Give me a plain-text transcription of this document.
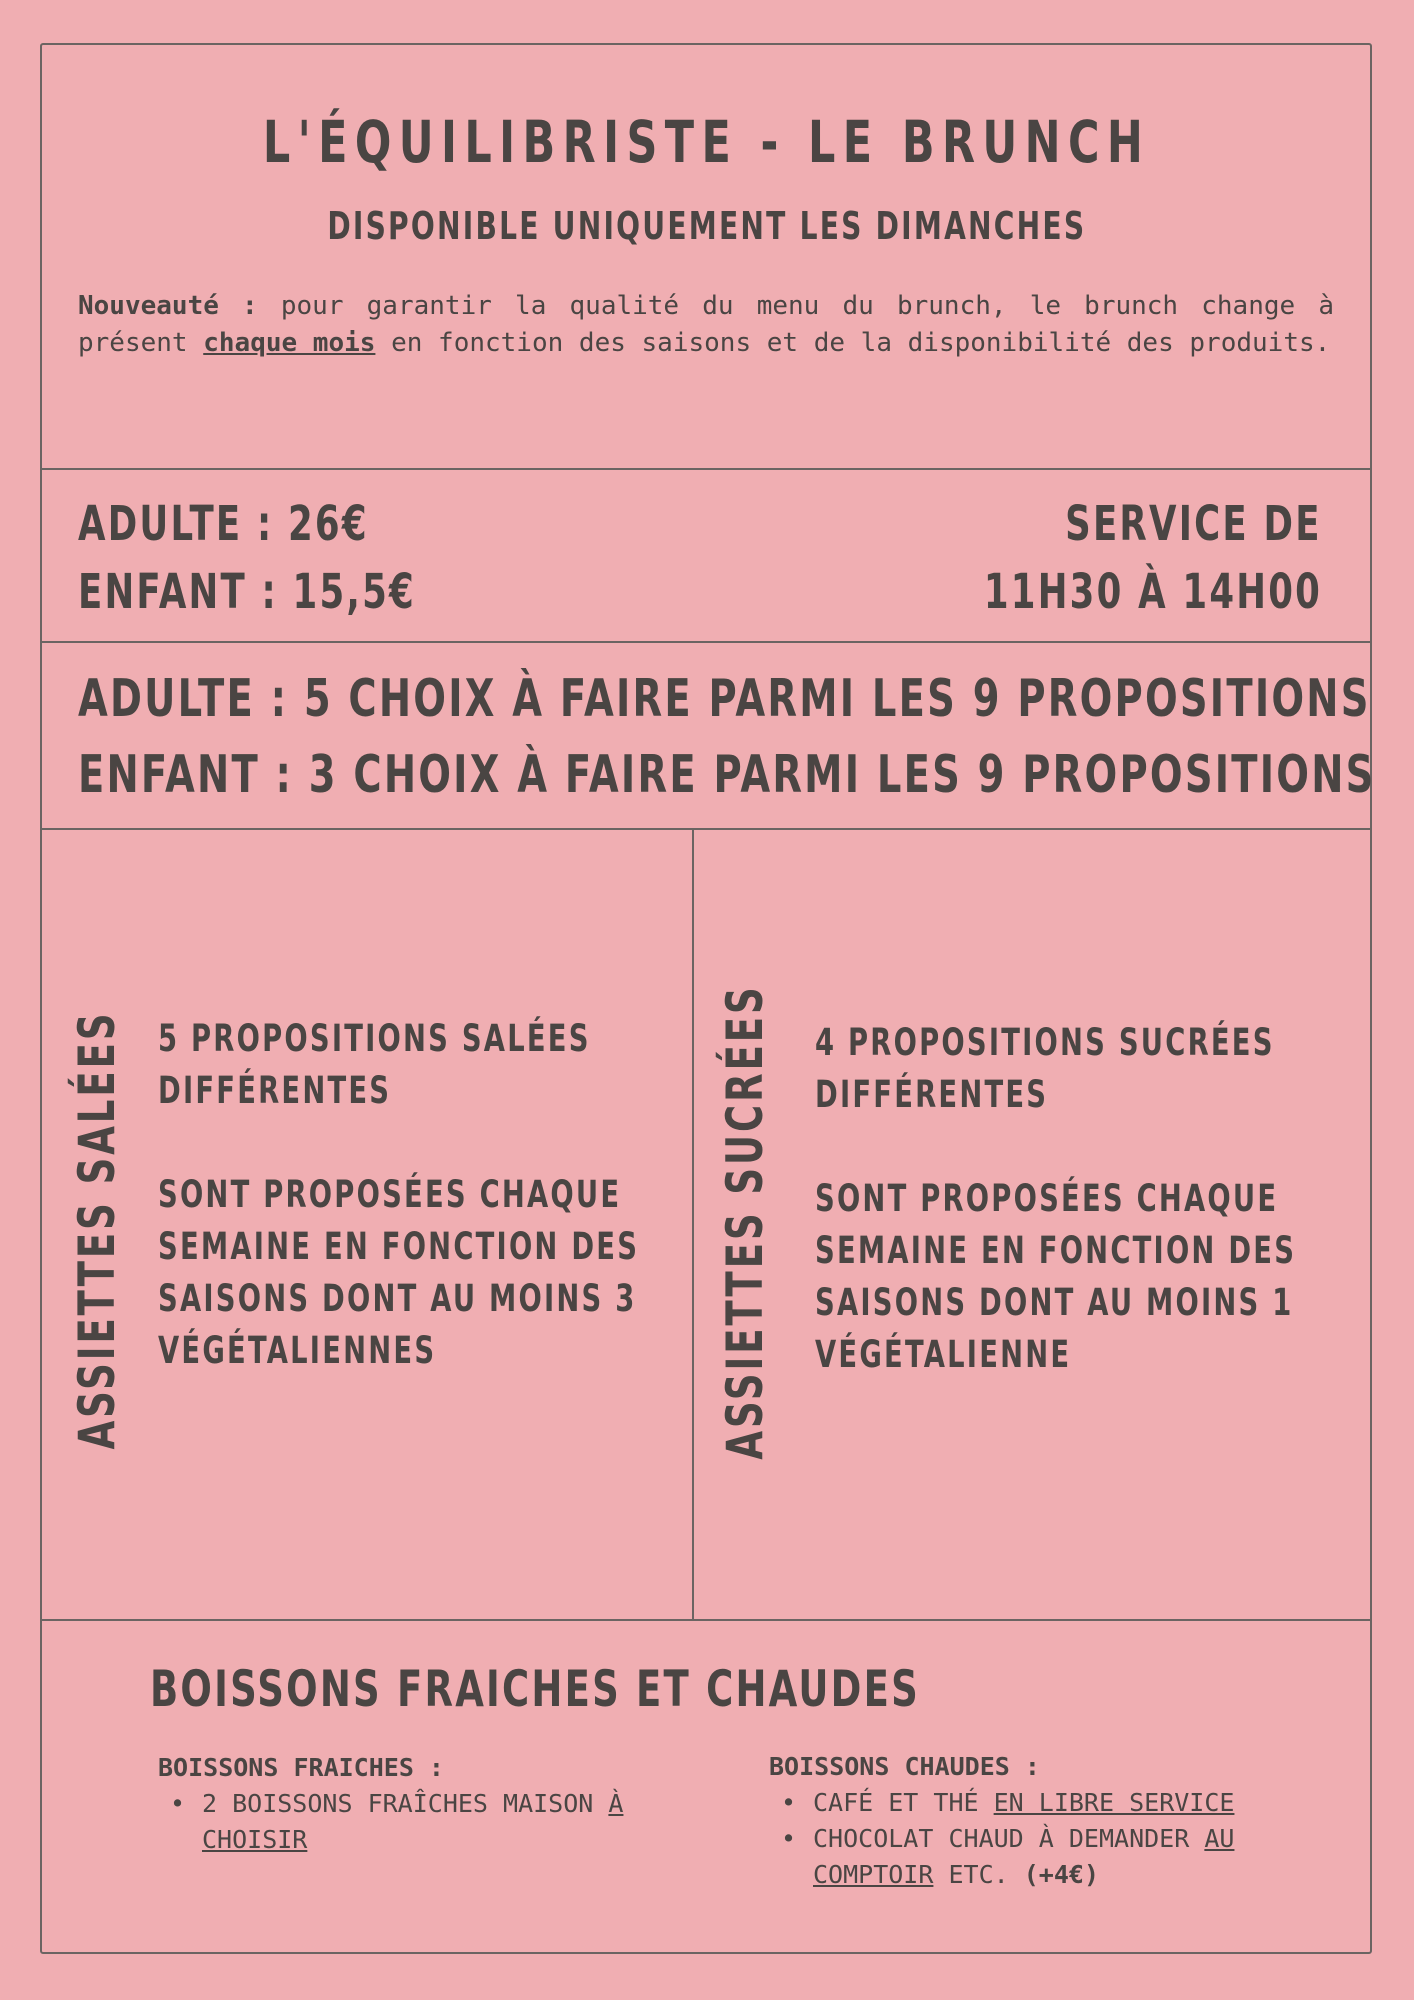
L'ÉQUILIBRISTE - LE BRUNCH
DISPONIBLE UNIQUEMENT LES DIMANCHES
Nouveauté : pour garantir la qualité du menu du brunch, le brunch change à présent chaque mois en fonction des saisons et de la disponibilité des produits.
ADULTE : 26€
ENFANT : 15,5€
SERVICE DE
11H30 À 14H00
ADULTE : 5 CHOIX À FAIRE PARMI LES 9 PROPOSITIONS
ENFANT : 3 CHOIX À FAIRE PARMI LES 9 PROPOSITIONS
ASSIETTES SALÉES 5 PROPOSITIONS SALÉES
DIFFÉRENTES
SONT PROPOSÉES CHAQUE
SEMAINE EN FONCTION DES
SAISONS DONT AU MOINS 3
VÉGÉTALIENNES	ASSIETTES SUCRÉES 4 PROPOSITIONS SUCRÉES
DIFFÉRENTES
SONT PROPOSÉES CHAQUE
SEMAINE EN FONCTION DES
SAISONS DONT AU MOINS 1
VÉGÉTALIENNE
BOISSONS FRAICHES ET CHAUDES
BOISSONS FRAICHES :
• 2 BOISSONS FRAÎCHES MAISON À CHOISIR
BOISSONS CHAUDES :
• CAFÉ ET THÉ EN LIBRE SERVICE
• CHOCOLAT CHAUD À DEMANDER AU COMPTOIR ETC. (+4€)
